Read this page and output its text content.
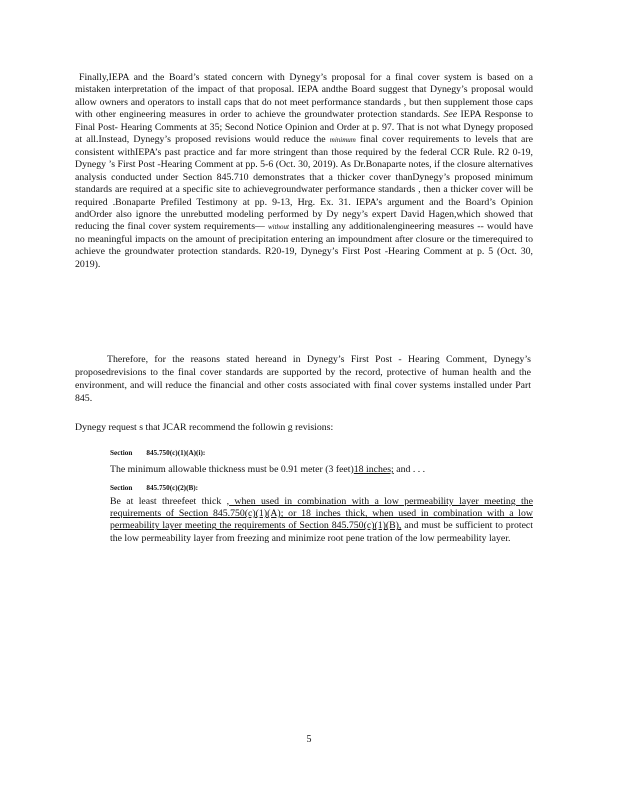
Finally,IEPA and the Board’s stated concern with Dynegy’s proposal for a final cover system is based on a mistaken interpretation of the impact of that proposal. IEPA andthe Board suggest that Dynegy’s proposal would allow owners and operators to install caps that do not meet performance standards , but then supplement those caps with other engineering measures in order to achieve the groundwater protection standards. See IEPA Response to Final Post- Hearing Comments at 35; Second Notice Opinion and Order at p. 97. That is not what Dynegy proposed at all.Instead, Dynegy’s proposed revisions would reduce the minimum final cover requirements to levels that are consistent withIEPA’s past practice and far more stringent than those required by the federal CCR Rule. R2 0-19, Dynegy ’s First Post -Hearing Comment at pp. 5-6 (Oct. 30, 2019). As Dr.Bonaparte notes, if the closure alternatives analysis conducted under Section 845.710 demonstrates that a thicker cover thanDynegy’s proposed minimum standards are required at a specific site to achievegroundwater performance standards , then a thicker cover will be required .Bonaparte Prefiled Testimony at pp. 9-13, Hrg. Ex. 31. IEPA’s argument and the Board’s Opinion andOrder also ignore the unrebutted modeling performed by Dy negy’s expert David Hagen,which showed that reducing the final cover system requirements— without installing any additionalengineering measures -- would have no meaningful impacts on the amount of precipitation entering an impoundment after closure or the timerequired to achieve the groundwater protection standards. R20-19, Dynegy’s First Post -Hearing Comment at p. 5 (Oct. 30, 2019).
Therefore, for the reasons stated hereand in Dynegy’s First Post - Hearing Comment, Dynegy’s proposedrevisions to the final cover standards are supported by the record, protective of human health and the environment, and will reduce the financial and other costs associated with final cover systems installed under Part 845.
Dynegy request s that JCAR recommend the followin g revisions:
Section 845.750(c)(1)(A)(i):
The minimum allowable thickness must be 0.91 meter (3 feet)18 inches; and . . .
Section 845.750(c)(2)(B):
Be at least threefeet thick , when used in combination with a low permeability layer meeting the requirements of Section 845.750(c)(1)(A); or 18 inches thick, when used in combination with a low permeability layer meeting the requirements of Section 845.750(c)(1)(B), and must be sufficient to protect the low permeability layer from freezing and minimize root pene tration of the low permeability layer.
5
